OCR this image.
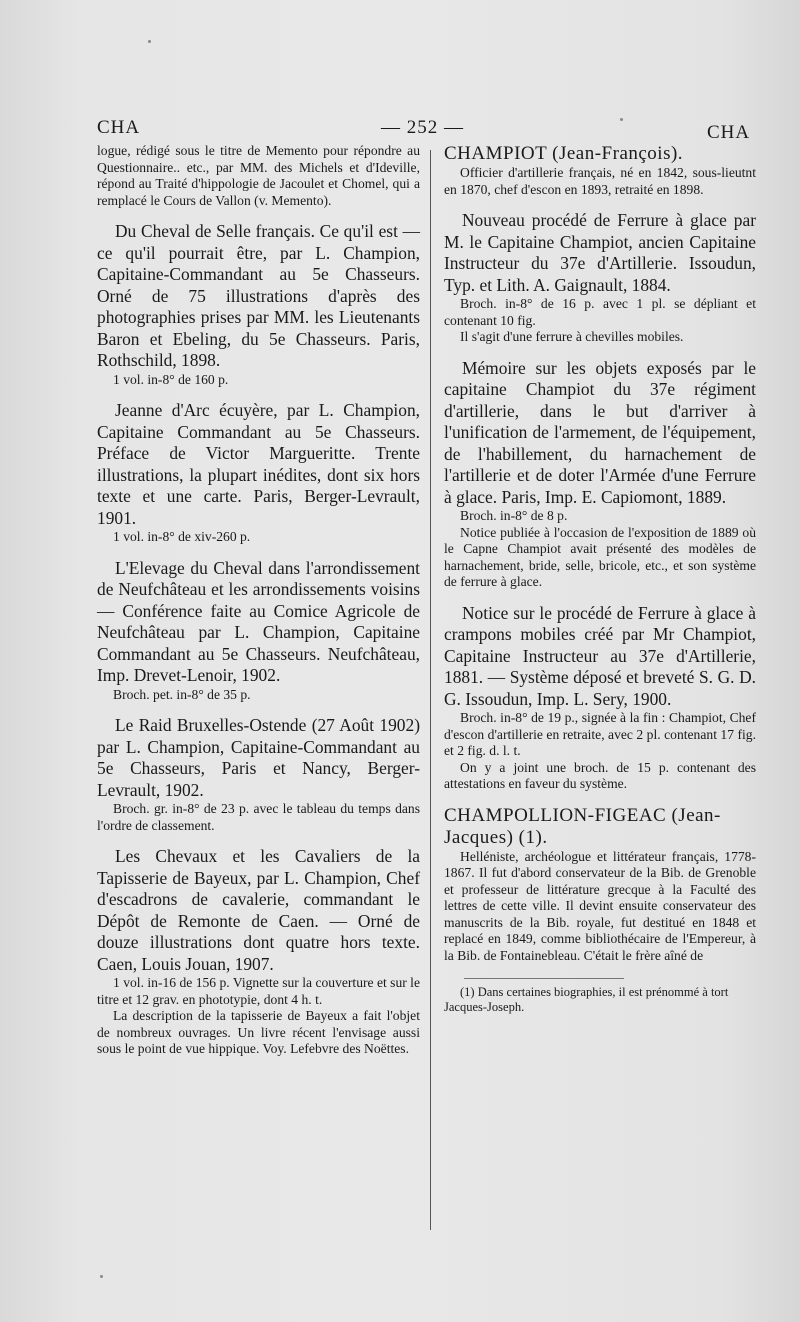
CHA	— 252 —	CHA

logue, rédigé sous le titre de Memento pour répondre au Questionnaire.. etc., par MM. des Michels et d'Ideville, répond au Traité d'hippologie de Jacoulet et Chomel, qui a remplacé le Cours de Vallon (v. Memento).

Du Cheval de Selle français. Ce qu'il est — ce qu'il pourrait être, par L. Champion, Capitaine-Commandant au 5e Chasseurs. Orné de 75 illustrations d'après des photographies prises par MM. les Lieutenants Baron et Ebeling, du 5e Chasseurs. Paris, Rothschild, 1898.

1 vol. in-8° de 160 p.

Jeanne d'Arc écuyère, par L. Champion, Capitaine Commandant au 5e Chasseurs. Préface de Victor Margueritte. Trente illustrations, la plupart inédites, dont six hors texte et une carte. Paris, Berger-Levrault, 1901.

1 vol. in-8° de xiv-260 p.

L'Elevage du Cheval dans l'arrondissement de Neufchâteau et les arrondissements voisins — Conférence faite au Comice Agricole de Neufchâteau par L. Champion, Capitaine Commandant au 5e Chasseurs. Neufchâteau, Imp. Drevet-Lenoir, 1902.

Broch. pet. in-8° de 35 p.

Le Raid Bruxelles-Ostende (27 Août 1902) par L. Champion, Capitaine-Commandant au 5e Chasseurs, Paris et Nancy, Berger-Levrault, 1902.

Broch. gr. in-8° de 23 p. avec le tableau du temps dans l'ordre de classement.

Les Chevaux et les Cavaliers de la Tapisserie de Bayeux, par L. Champion, Chef d'escadrons de cavalerie, commandant le Dépôt de Remonte de Caen. — Orné de douze illustrations dont quatre hors texte. Caen, Louis Jouan, 1907.

1 vol. in-16 de 156 p. Vignette sur la couverture et sur le titre et 12 grav. en phototypie, dont 4 h. t.

La description de la tapisserie de Bayeux a fait l'objet de nombreux ouvrages. Un livre récent l'envisage aussi sous le point de vue hippique. Voy. Lefebvre des Noëttes.

CHAMPIOT (Jean-François).

Officier d'artillerie français, né en 1842, sous-lieutnt en 1870, chef d'escon en 1893, retraité en 1898.

Nouveau procédé de Ferrure à glace par M. le Capitaine Champiot, ancien Capitaine Instructeur du 37e d'Artillerie. Issoudun, Typ. et Lith. A. Gaignault, 1884.

Broch. in-8° de 16 p. avec 1 pl. se dépliant et contenant 10 fig.

Il s'agit d'une ferrure à chevilles mobiles.

Mémoire sur les objets exposés par le capitaine Champiot du 37e régiment d'artillerie, dans le but d'arriver à l'unification de l'armement, de l'équipement, de l'habillement, du harnachement de l'artillerie et de doter l'Armée d'une Ferrure à glace. Paris, Imp. E. Capiomont, 1889.

Broch. in-8° de 8 p.

Notice publiée à l'occasion de l'exposition de 1889 où le Capne Champiot avait présenté des modèles de harnachement, bride, selle, bricole, etc., et son système de ferrure à glace.

Notice sur le procédé de Ferrure à glace à crampons mobiles créé par Mr Champiot, Capitaine Instructeur au 37e d'Artillerie, 1881. — Système déposé et breveté S. G. D. G. Issoudun, Imp. L. Sery, 1900.

Broch. in-8° de 19 p., signée à la fin : Champiot, Chef d'escon d'artillerie en retraite, avec 2 pl. contenant 17 fig. et 2 fig. d. l. t.

On y a joint une broch. de 15 p. contenant des attestations en faveur du système.

CHAMPOLLION-FIGEAC (Jean-Jacques) (1).

Helléniste, archéologue et littérateur français, 1778-1867. Il fut d'abord conservateur de la Bib. de Grenoble et professeur de littérature grecque à la Faculté des lettres de cette ville. Il devint ensuite conservateur des manuscrits de la Bib. royale, fut destitué en 1848 et replacé en 1849, comme bibliothécaire de l'Empereur, à la Bib. de Fontainebleau. C'était le frère aîné de

(1) Dans certaines biographies, il est prénommé à tort Jacques-Joseph.
